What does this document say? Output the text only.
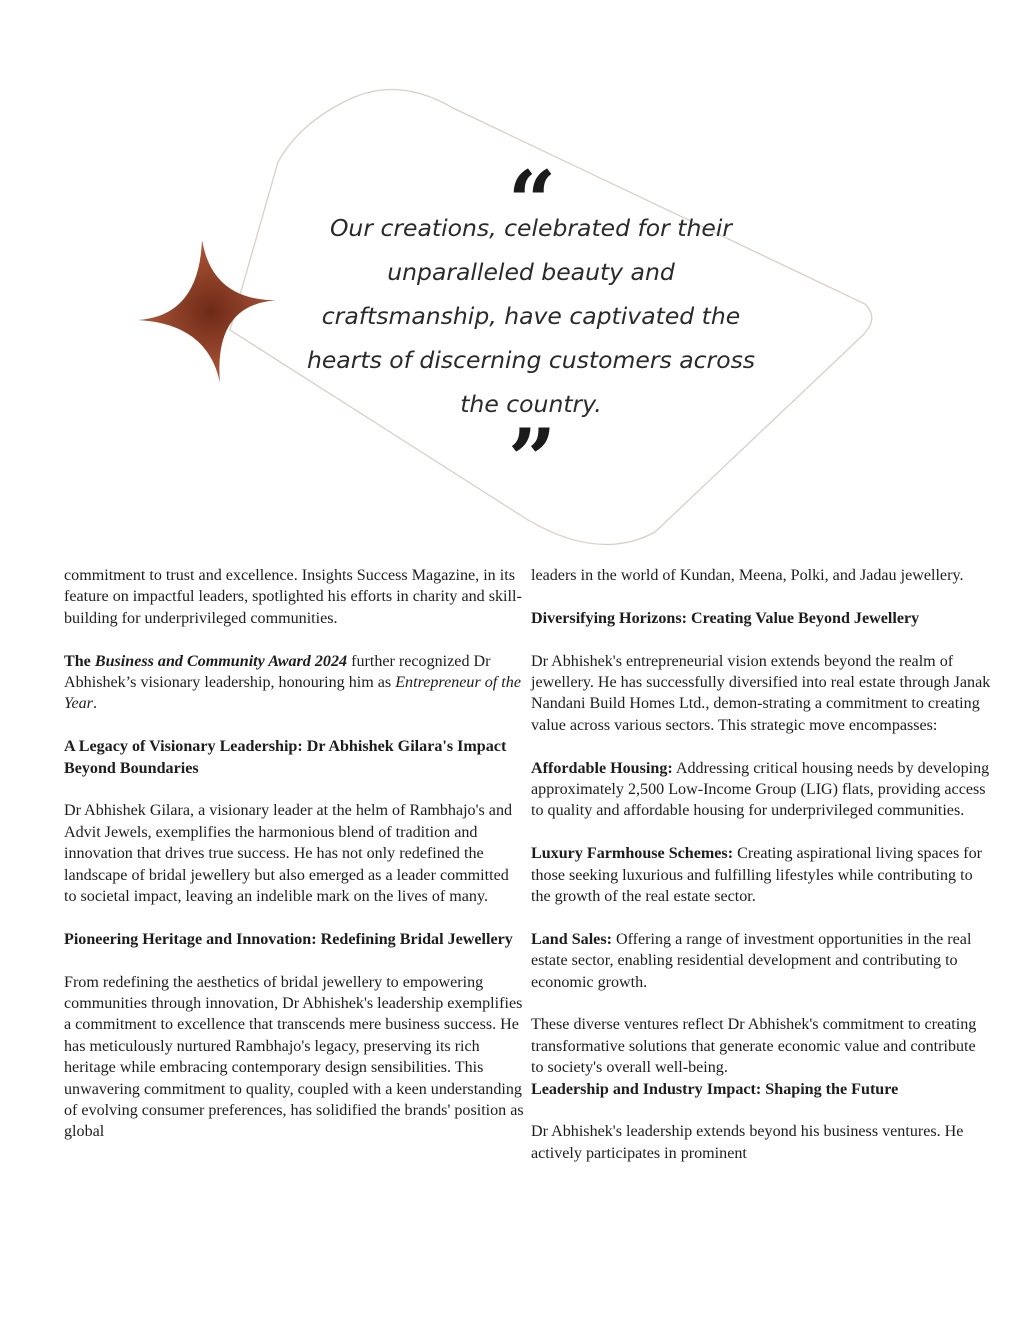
“

Our creations, celebrated for their unparalleled beauty and craftsmanship, have captivated the hearts of discerning customers across the country.

”

commitment to trust and excellence. Insights Success Magazine, in its feature on impactful leaders, spotlighted his efforts in charity and skill-building for underprivileged communities.

The Business and Community Award 2024 further recognized Dr Abhishek’s visionary leadership, honouring him as Entrepreneur of the Year.

A Legacy of Visionary Leadership: Dr Abhishek Gilara's Impact Beyond Boundaries

Dr Abhishek Gilara, a visionary leader at the helm of Rambhajo's and Advit Jewels, exemplifies the harmonious blend of tradition and innovation that drives true success. He has not only redefined the landscape of bridal jewellery but also emerged as a leader committed to societal impact, leaving an indelible mark on the lives of many.

Pioneering Heritage and Innovation: Redefining Bridal Jewellery

From redefining the aesthetics of bridal jewellery to empowering communities through innovation, Dr Abhishek's leadership exemplifies a commitment to excellence that transcends mere business success. He has meticulously nurtured Rambhajo's legacy, preserving its rich heritage while embracing contemporary design sensibilities. This unwavering commitment to quality, coupled with a keen understanding of evolving consumer preferences, has solidified the brands' position as global

leaders in the world of Kundan, Meena, Polki, and Jadau jewellery.

Diversifying Horizons: Creating Value Beyond Jewellery

Dr Abhishek's entrepreneurial vision extends beyond the realm of jewellery. He has successfully diversified into real estate through Janak Nandani Build Homes Ltd., demon-strating a commitment to creating value across various sectors. This strategic move encompasses:

Affordable Housing: Addressing critical housing needs by developing approximately 2,500 Low-Income Group (LIG) flats, providing access to quality and affordable housing for underprivileged communities.

Luxury Farmhouse Schemes: Creating aspirational living spaces for those seeking luxurious and fulfilling lifestyles while contributing to the growth of the real estate sector.

Land Sales: Offering a range of investment opportunities in the real estate sector, enabling residential development and contributing to economic growth.

These diverse ventures reflect Dr Abhishek's commitment to creating transformative solutions that generate economic value and contribute to society's overall well-being.

Leadership and Industry Impact: Shaping the Future

Dr Abhishek's leadership extends beyond his business ventures. He actively participates in prominent
